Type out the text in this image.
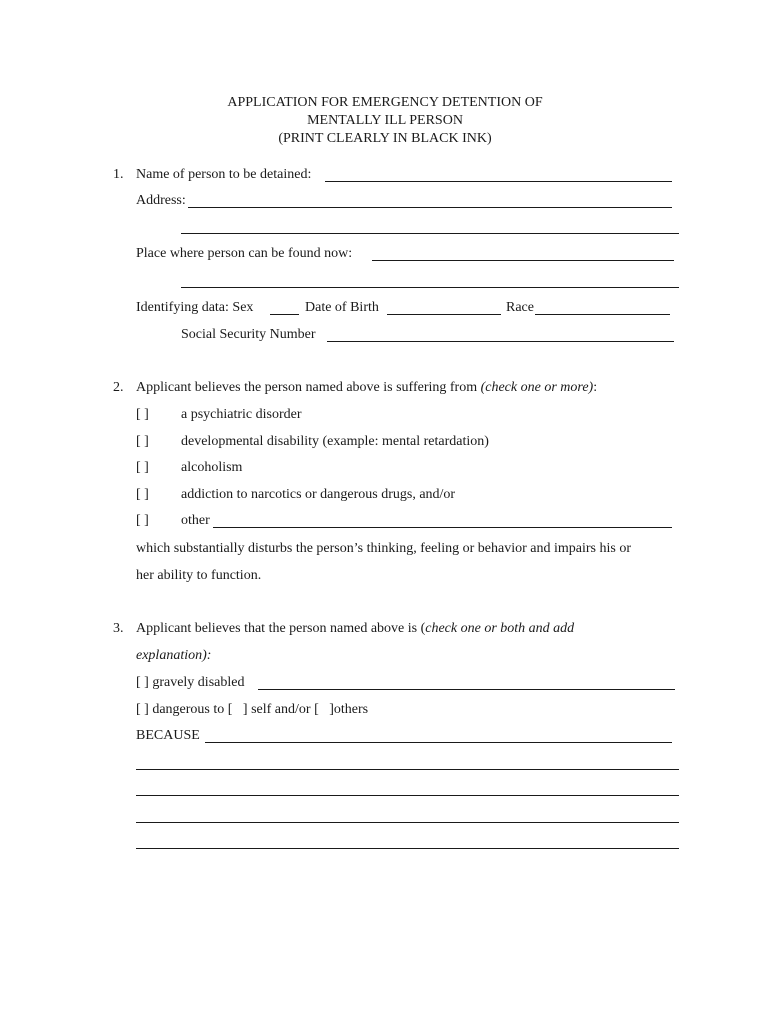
APPLICATION FOR EMERGENCY DETENTION OF
MENTALLY ILL PERSON
(PRINT CLEARLY IN BLACK INK)
1. Name of person to be detained:
Address:
Place where person can be found now:
Identifying data: Sex	Date of Birth	Race
Social Security Number
2. Applicant believes the person named above is suffering from (check one or more):
[ ] a psychiatric disorder
[ ] developmental disability (example: mental retardation)
[ ] alcoholism
[ ] addiction to narcotics or dangerous drugs, and/or
[ ] other
which substantially disturbs the person’s thinking, feeling or behavior and impairs his or
her ability to function.
3. Applicant believes that the person named above is (check one or both and add
explanation):
[ ] gravely disabled
[ ] dangerous to [ ] self and/or [ ]others
BECAUSE
